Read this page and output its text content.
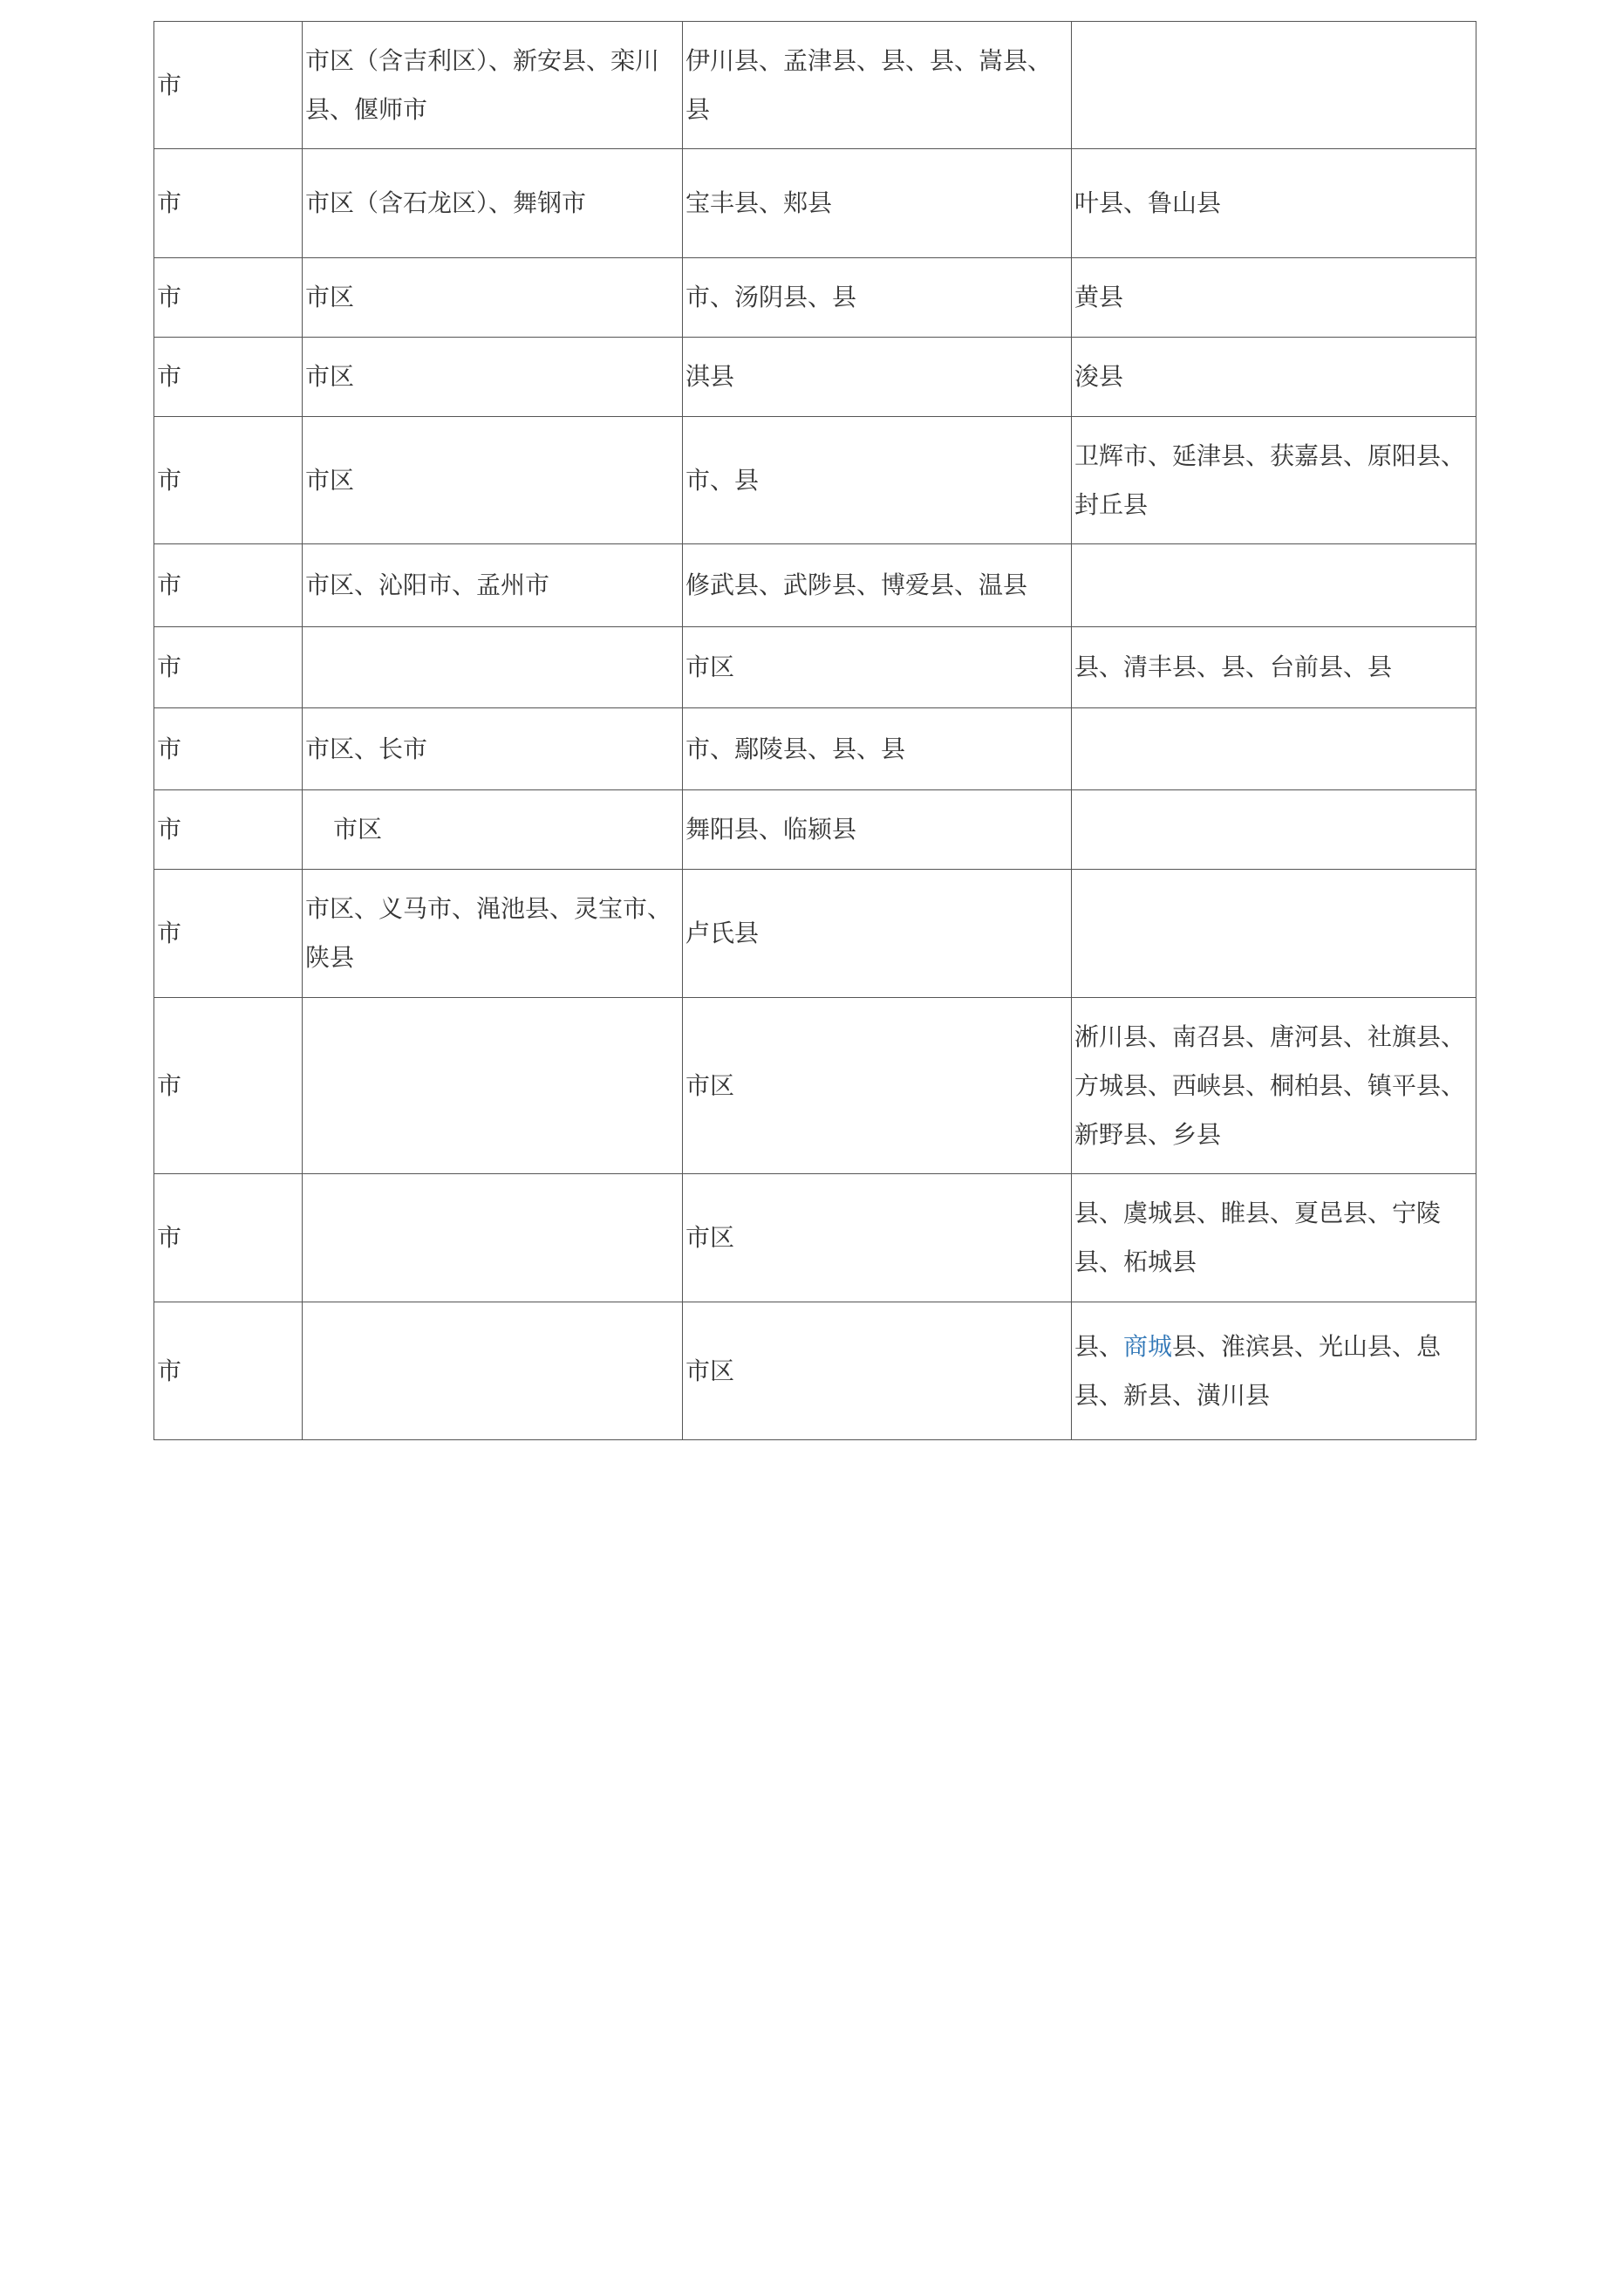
市	市区（含吉利区）、新安县、栾川县、偃师市	伊川县、孟津县、县、县、嵩县、县	
市	市区（含石龙区）、舞钢市	宝丰县、郏县	叶县、鲁山县
市	市区	市、汤阴县、县	黄县
市	市区	淇县	浚县
市	市区	市、县	卫辉市、延津县、获嘉县、原阳县、 封丘县
市	市区、沁阳市、孟州市	修武县、武陟县、博爱县、温县	
市		市区	县、清丰县、县、台前县、县
市	市区、长市	市、鄢陵县、县、县	
市	市区	舞阳县、临颍县	
市	市区、义马市、渑池县、灵宝市、 陕县	卢氏县	
市		市区	淅川县、南召县、唐河县、社旗县、方城县、西峡县、桐柏县、镇平县、新野县、乡县
市		市区	县、虞城县、睢县、夏邑县、宁陵县、柘城县
市		市区	县、商城县、淮滨县、光山县、息县、新县、潢川县
